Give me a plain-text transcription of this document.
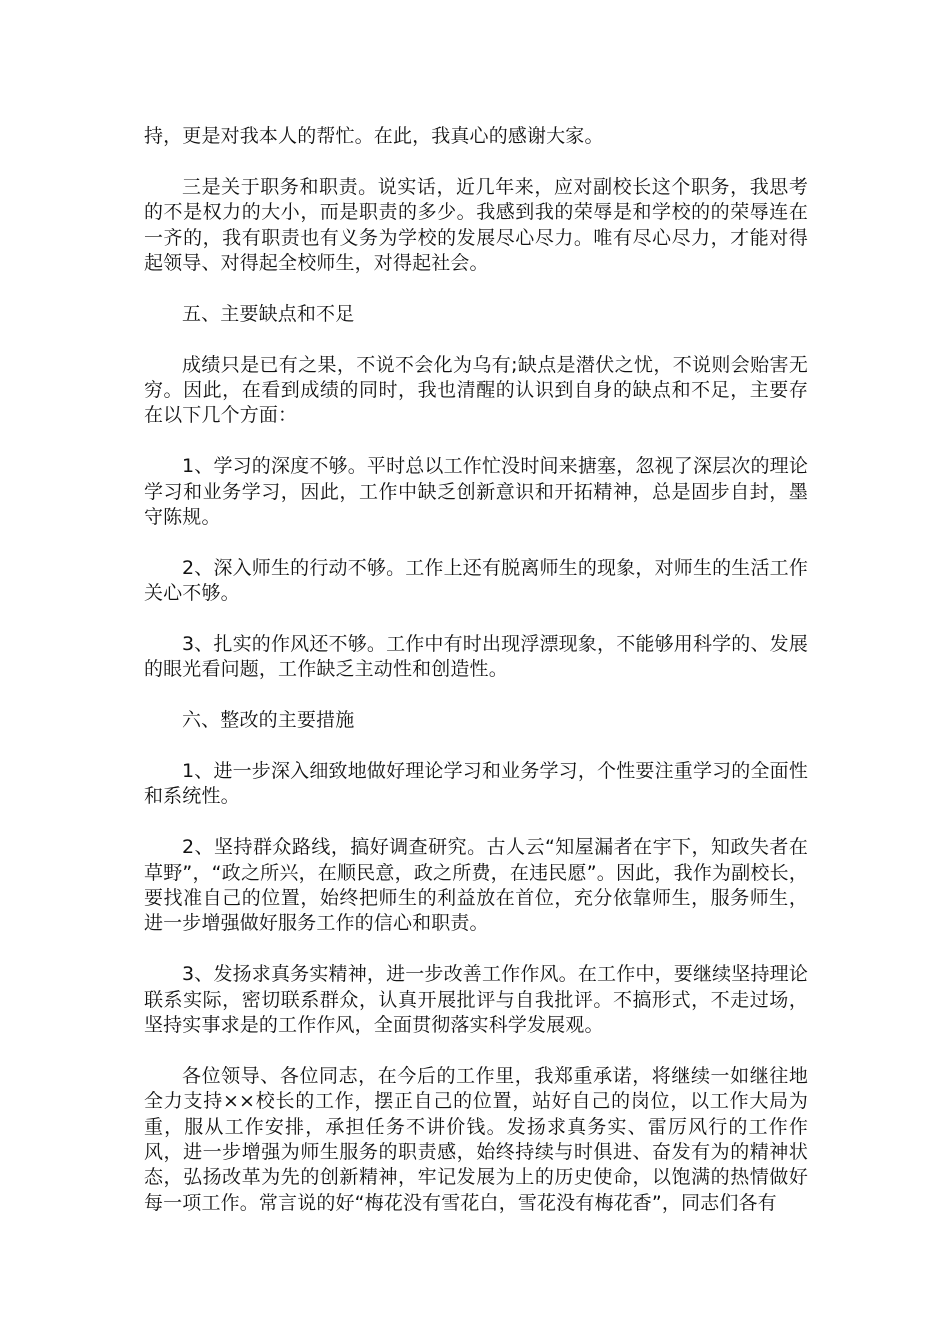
持，更是对我本人的帮忙。在此，我真心的感谢大家。

三是关于职务和职责。说实话，近几年来，应对副校长这个职务，我思考的不是权力的大小，而是职责的多少。我感到我的荣辱是和学校的的荣辱连在一齐的，我有职责也有义务为学校的发展尽心尽力。唯有尽心尽力，才能对得起领导、对得起全校师生，对得起社会。

五、主要缺点和不足

成绩只是已有之果，不说不会化为乌有;缺点是潜伏之忧，不说则会贻害无穷。因此，在看到成绩的同时，我也清醒的认识到自身的缺点和不足，主要存在以下几个方面：

1、学习的深度不够。平时总以工作忙没时间来搪塞，忽视了深层次的理论学习和业务学习，因此，工作中缺乏创新意识和开拓精神，总是固步自封，墨守陈规。

2、深入师生的行动不够。工作上还有脱离师生的现象，对师生的生活工作关心不够。

3、扎实的作风还不够。工作中有时出现浮漂现象，不能够用科学的、发展的眼光看问题，工作缺乏主动性和创造性。

六、整改的主要措施

1、进一步深入细致地做好理论学习和业务学习，个性要注重学习的全面性和系统性。

2、坚持群众路线，搞好调查研究。古人云“知屋漏者在宇下，知政失者在草野”，“政之所兴，在顺民意，政之所费，在违民愿”。因此，我作为副校长，要找准自己的位置，始终把师生的利益放在首位，充分依靠师生，服务师生，进一步增强做好服务工作的信心和职责。

3、发扬求真务实精神，进一步改善工作作风。在工作中，要继续坚持理论联系实际，密切联系群众，认真开展批评与自我批评。不搞形式，不走过场，坚持实事求是的工作作风，全面贯彻落实科学发展观。

各位领导、各位同志，在今后的工作里，我郑重承诺，将继续一如继往地全力支持××校长的工作，摆正自己的位置，站好自己的岗位，以工作大局为重，服从工作安排，承担任务不讲价钱。发扬求真务实、雷厉风行的工作作风，进一步增强为师生服务的职责感，始终持续与时俱进、奋发有为的精神状态，弘扬改革为先的创新精神，牢记发展为上的历史使命，以饱满的热情做好每一项工作。常言说的好“梅花没有雪花白，雪花没有梅花香”，同志们各有
